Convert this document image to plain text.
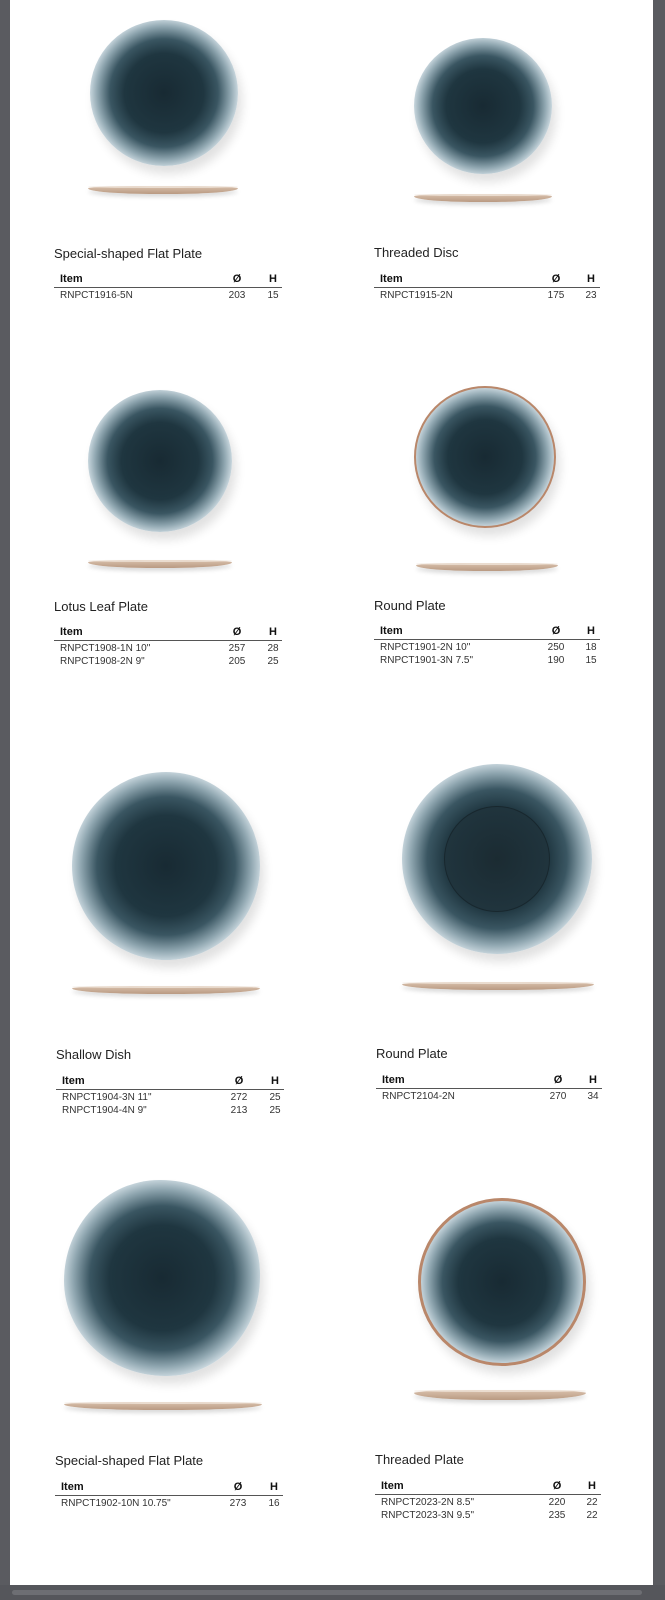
Special-shaped Flat Plate
Item	Ø	H
RNPCT1916-5N	203	15
Threaded Disc
Item	Ø	H
RNPCT1915-2N	175	23
Lotus Leaf Plate
Item	Ø	H
RNPCT1908-1N 10"	257	28
RNPCT1908-2N 9"	205	25
Round Plate
Item	Ø	H
RNPCT1901-2N 10"	250	18
RNPCT1901-3N 7.5"	190	15
Shallow Dish
Item	Ø	H
RNPCT1904-3N 11"	272	25
RNPCT1904-4N 9"	213	25
Round Plate
Item	Ø	H
RNPCT2104-2N	270	34
Special-shaped Flat Plate
Item	Ø	H
RNPCT1902-10N 10.75"	273	16
Threaded Plate
Item	Ø	H
RNPCT2023-2N 8.5"	220	22
RNPCT2023-3N 9.5"	235	22
